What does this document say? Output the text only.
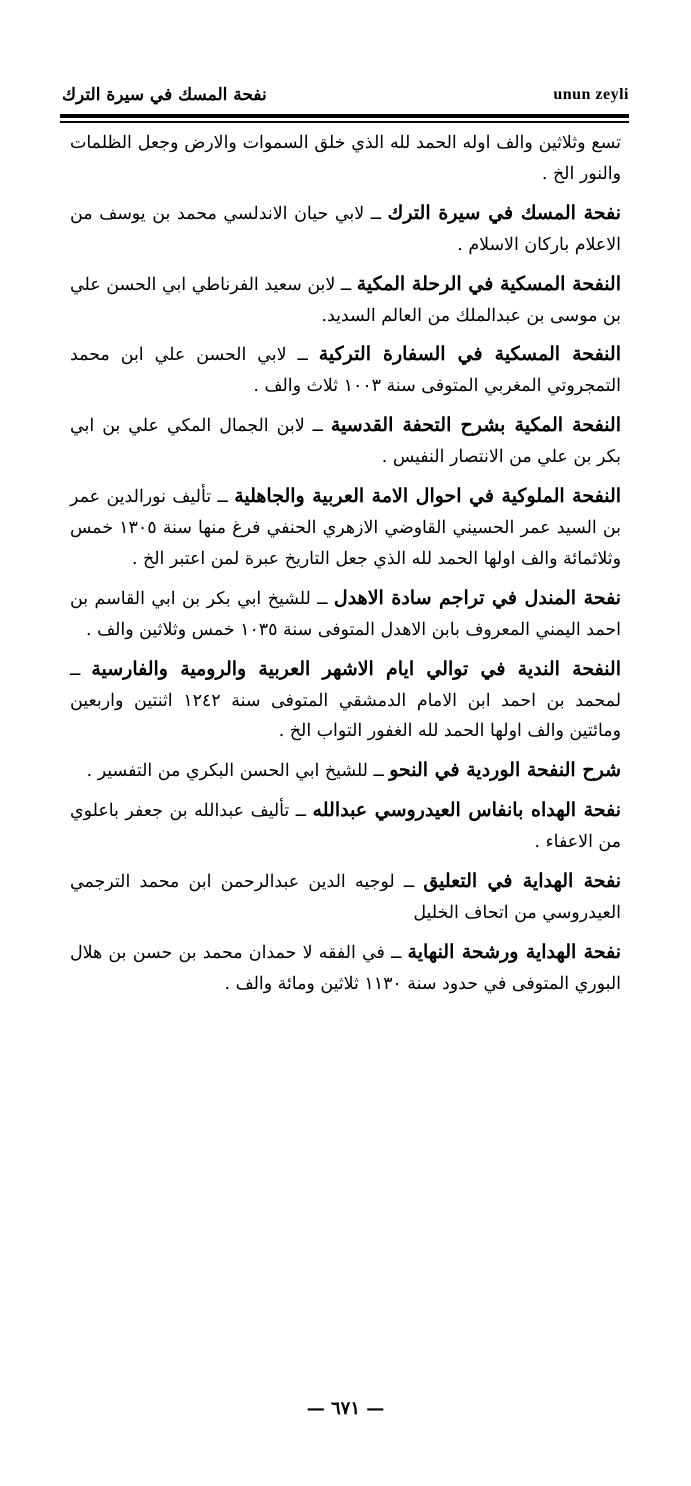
نفحة المسك في سيرة الترك	unun zeyli

تسع وثلاثين والف اوله الحمد لله الذي خلق السموات والارض وجعل الظلمات والنور الخ .

نفحة المسك في سيرة الترك ــ لابي حيان الاندلسي محمد بن يوسف من الاعلام باركان الاسلام .

النفحة المسكية في الرحلة المكية ــ لابن سعيد الفرناطي ابي الحسن علي بن موسى بن عبدالملك من العالم السديد.

النفحة المسكية في السفارة التركية ــ لابي الحسن علي ابن محمد التمجروتي المغربي المتوفى سنة ١٠٠٣ ثلاث والف .

النفحة المكية بشرح التحفة القدسية ــ لابن الجمال المكي علي بن ابي بكر بن علي من الانتصار النفيس .

النفحة الملوكية في احوال الامة العربية والجاهلية ــ تأليف نورالدين عمر بن السيد عمر الحسيني القاوضي الازهري الحنفي فرغ منها سنة ١٣٠٥ خمس وثلاثمائة والف اولها الحمد لله الذي جعل التاريخ عبرة لمن اعتبر الخ .

نفحة المندل في تراجم سادة الاهدل ــ للشيخ ابي بكر بن ابي القاسم بن احمد اليمني المعروف بابن الاهدل المتوفى سنة ١٠٣٥ خمس وثلاثين والف .

النفحة الندية في توالي ايام الاشهر العربية والرومية والفارسية ــ لمحمد بن احمد ابن الامام الدمشقي المتوفى سنة ١٢٤٢ اثنتين واربعين ومائتين والف اولها الحمد لله الغفور التواب الخ .

شرح النفحة الوردية في النحو ــ للشيخ ابي الحسن البكري من التفسير .

نفحة الهداه بانفاس العيدروسي عبدالله ــ تأليف عبدالله بن جعفر باعلوي من الاعفاء .

نفحة الهداية في التعليق ــ لوجيه الدين عبدالرحمن ابن محمد الترجمي العيدروسي من اتحاف الخليل

نفحة الهداية ورشحة النهاية ــ في الفقه لا حمدان محمد بن حسن بن هلال البوري المتوفى في حدود سنة ١١٣٠ ثلاثين ومائة والف .

— ٦٧١ —
